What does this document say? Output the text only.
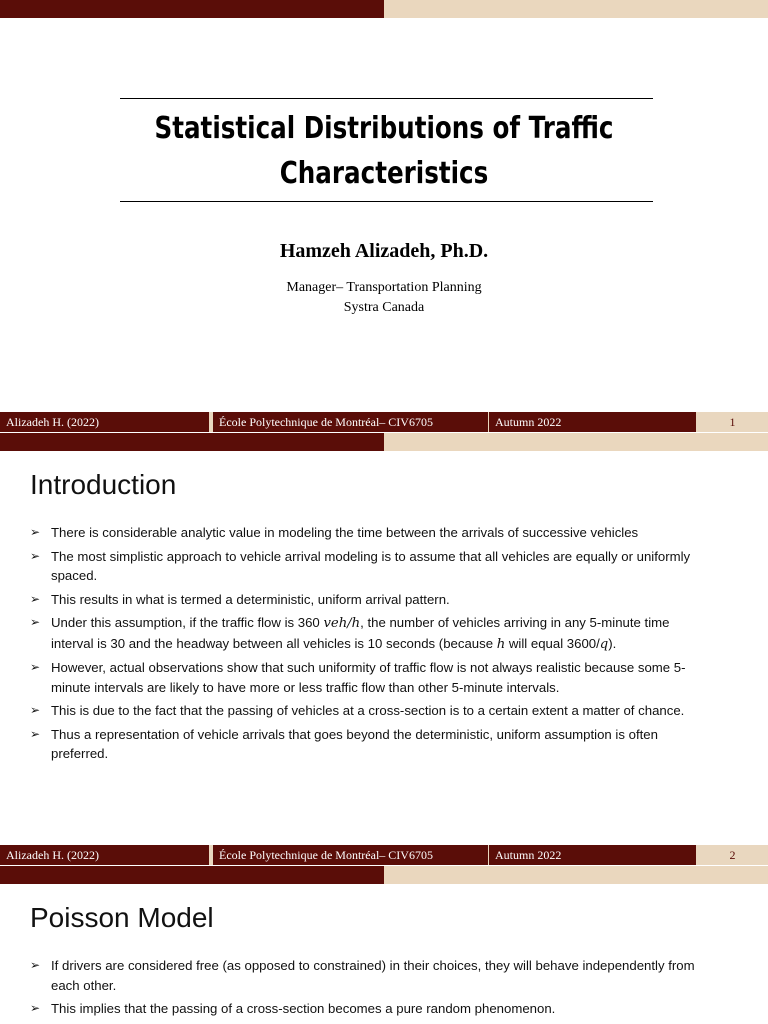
Statistical Distributions of Traffic
Characteristics
Hamzeh Alizadeh, Ph.D.
Manager– Transportation Planning
Systra Canada
Alizadeh H. (2022)	École Polytechnique de Montréal– CIV6705	Autumn 2022	1
Introduction
➢ There is considerable analytic value in modeling the time between the arrivals of successive vehicles
➢ The most simplistic approach to vehicle arrival modeling is to assume that all vehicles are equally or uniformly spaced.
➢ This results in what is termed a deterministic, uniform arrival pattern.
➢ Under this assumption, if the traffic flow is 360 veh/h, the number of vehicles arriving in any 5-minute time interval is 30 and the headway between all vehicles is 10 seconds (because h will equal 3600/q).
➢ However, actual observations show that such uniformity of traffic flow is not always realistic because some 5-minute intervals are likely to have more or less traffic flow than other 5-minute intervals.
➢ This is due to the fact that the passing of vehicles at a cross-section is to a certain extent a matter of chance.
➢ Thus a representation of vehicle arrivals that goes beyond the deterministic, uniform assumption is often preferred.
Alizadeh H. (2022)	École Polytechnique de Montréal– CIV6705	Autumn 2022	2
Poisson Model
➢ If drivers are considered free (as opposed to constrained) in their choices, they will behave independently from each other.
➢ This implies that the passing of a cross-section becomes a pure random phenomenon.
